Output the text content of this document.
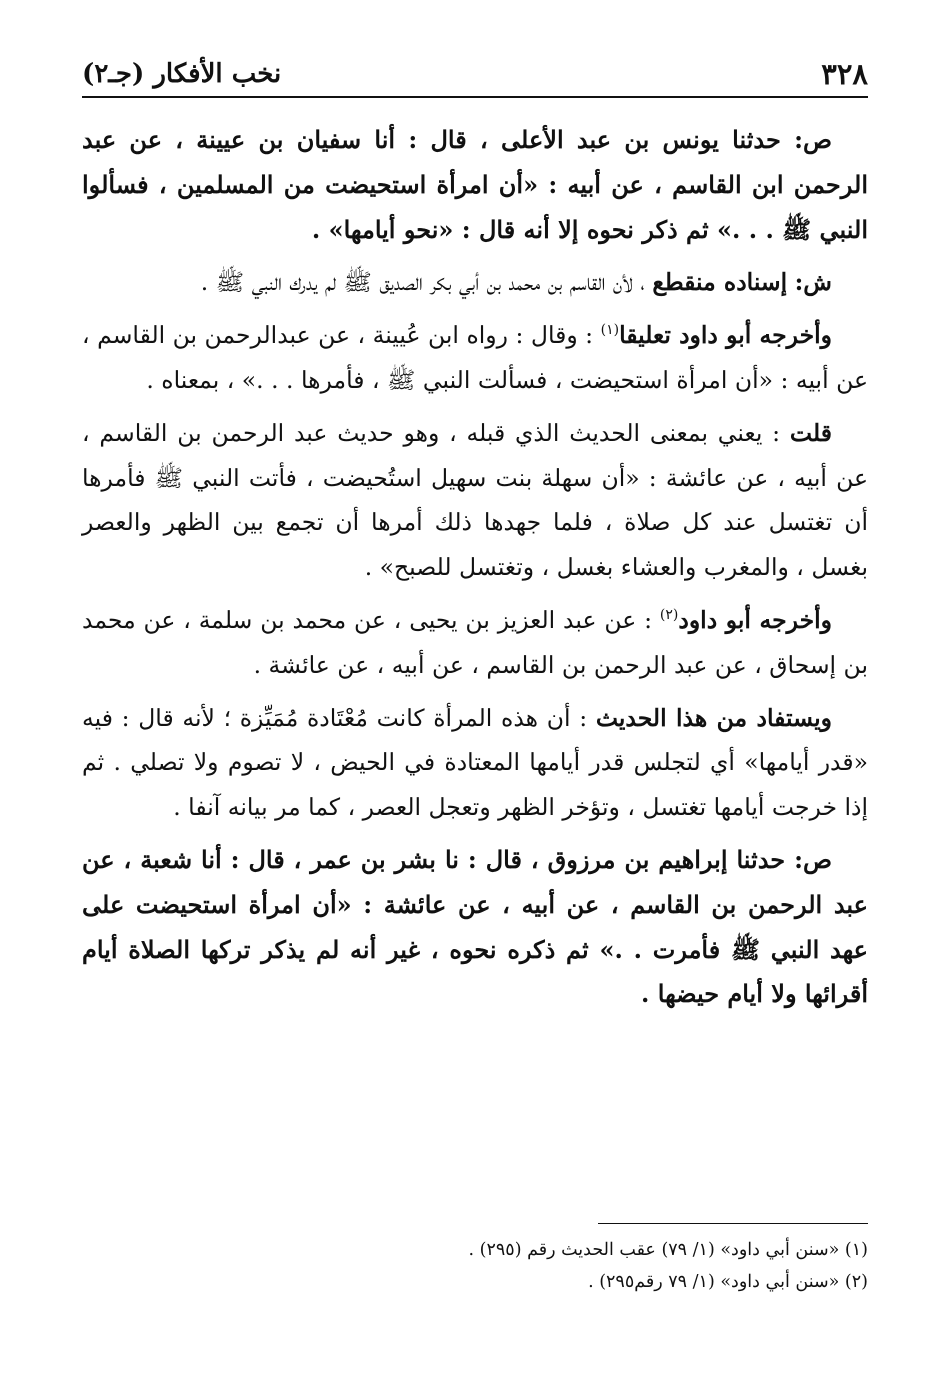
٣٢٨
نخب الأفكار (جـ٢)

ص: حدثنا يونس بن عبد الأعلى ، قال : أنا سفيان بن عيينة ، عن عبد الرحمن ابن القاسم ، عن أبيه : «أن امرأة استحيضت من المسلمين ، فسألوا النبي ﷺ . . .» ثم ذكر نحوه إلا أنه قال : «نحو أيامها» .

ش: إسناده منقطع ، لأن القاسم بن محمد بن أبي بكر الصديق ﷺ لم يدرك النبي ﷺ .

وأخرجه أبو داود تعليقا$^{(١)}$ : وقال : رواه ابن عُيينة ، عن عبدالرحمن بن القاسم ، عن أبيه : «أن امرأة استحيضت ، فسألت النبي ﷺ ، فأمرها . . .» ، بمعناه .

قلت : يعني بمعنى الحديث الذي قبله ، وهو حديث عبد الرحمن بن القاسم ، عن أبيه ، عن عائشة : «أن سهلة بنت سهيل استُحيضت ، فأتت النبي ﷺ فأمرها أن تغتسل عند كل صلاة ، فلما جهدها ذلك أمرها أن تجمع بين الظهر والعصر بغسل ، والمغرب والعشاء بغسل ، وتغتسل للصبح» .

وأخرجه أبو داود$^{(٢)}$ : عن عبد العزيز بن يحيى ، عن محمد بن سلمة ، عن محمد بن إسحاق ، عن عبد الرحمن بن القاسم ، عن أبيه ، عن عائشة .

ويستفاد من هذا الحديث : أن هذه المرأة كانت مُعْتَادة مُمَيِّزة ؛ لأنه قال : فيه «قدر أيامها» أي لتجلس قدر أيامها المعتادة في الحيض ، لا تصوم ولا تصلي . ثم إذا خرجت أيامها تغتسل ، وتؤخر الظهر وتعجل العصر ، كما مر بيانه آنفا .

ص: حدثنا إبراهيم بن مرزوق ، قال : نا بشر بن عمر ، قال : أنا شعبة ، عن عبد الرحمن بن القاسم ، عن أبيه ، عن عائشة : «أن امرأة استحيضت على عهد النبي ﷺ فأمرت . .» ثم ذكره نحوه ، غير أنه لم يذكر تركها الصلاة أيام أقرائها ولا أيام حيضها .

(١) «سنن أبي داود» (١/ ٧٩) عقب الحديث رقم (٢٩٥) .

(٢) «سنن أبي داود» (١/ ٧٩ رقم٢٩٥) .
